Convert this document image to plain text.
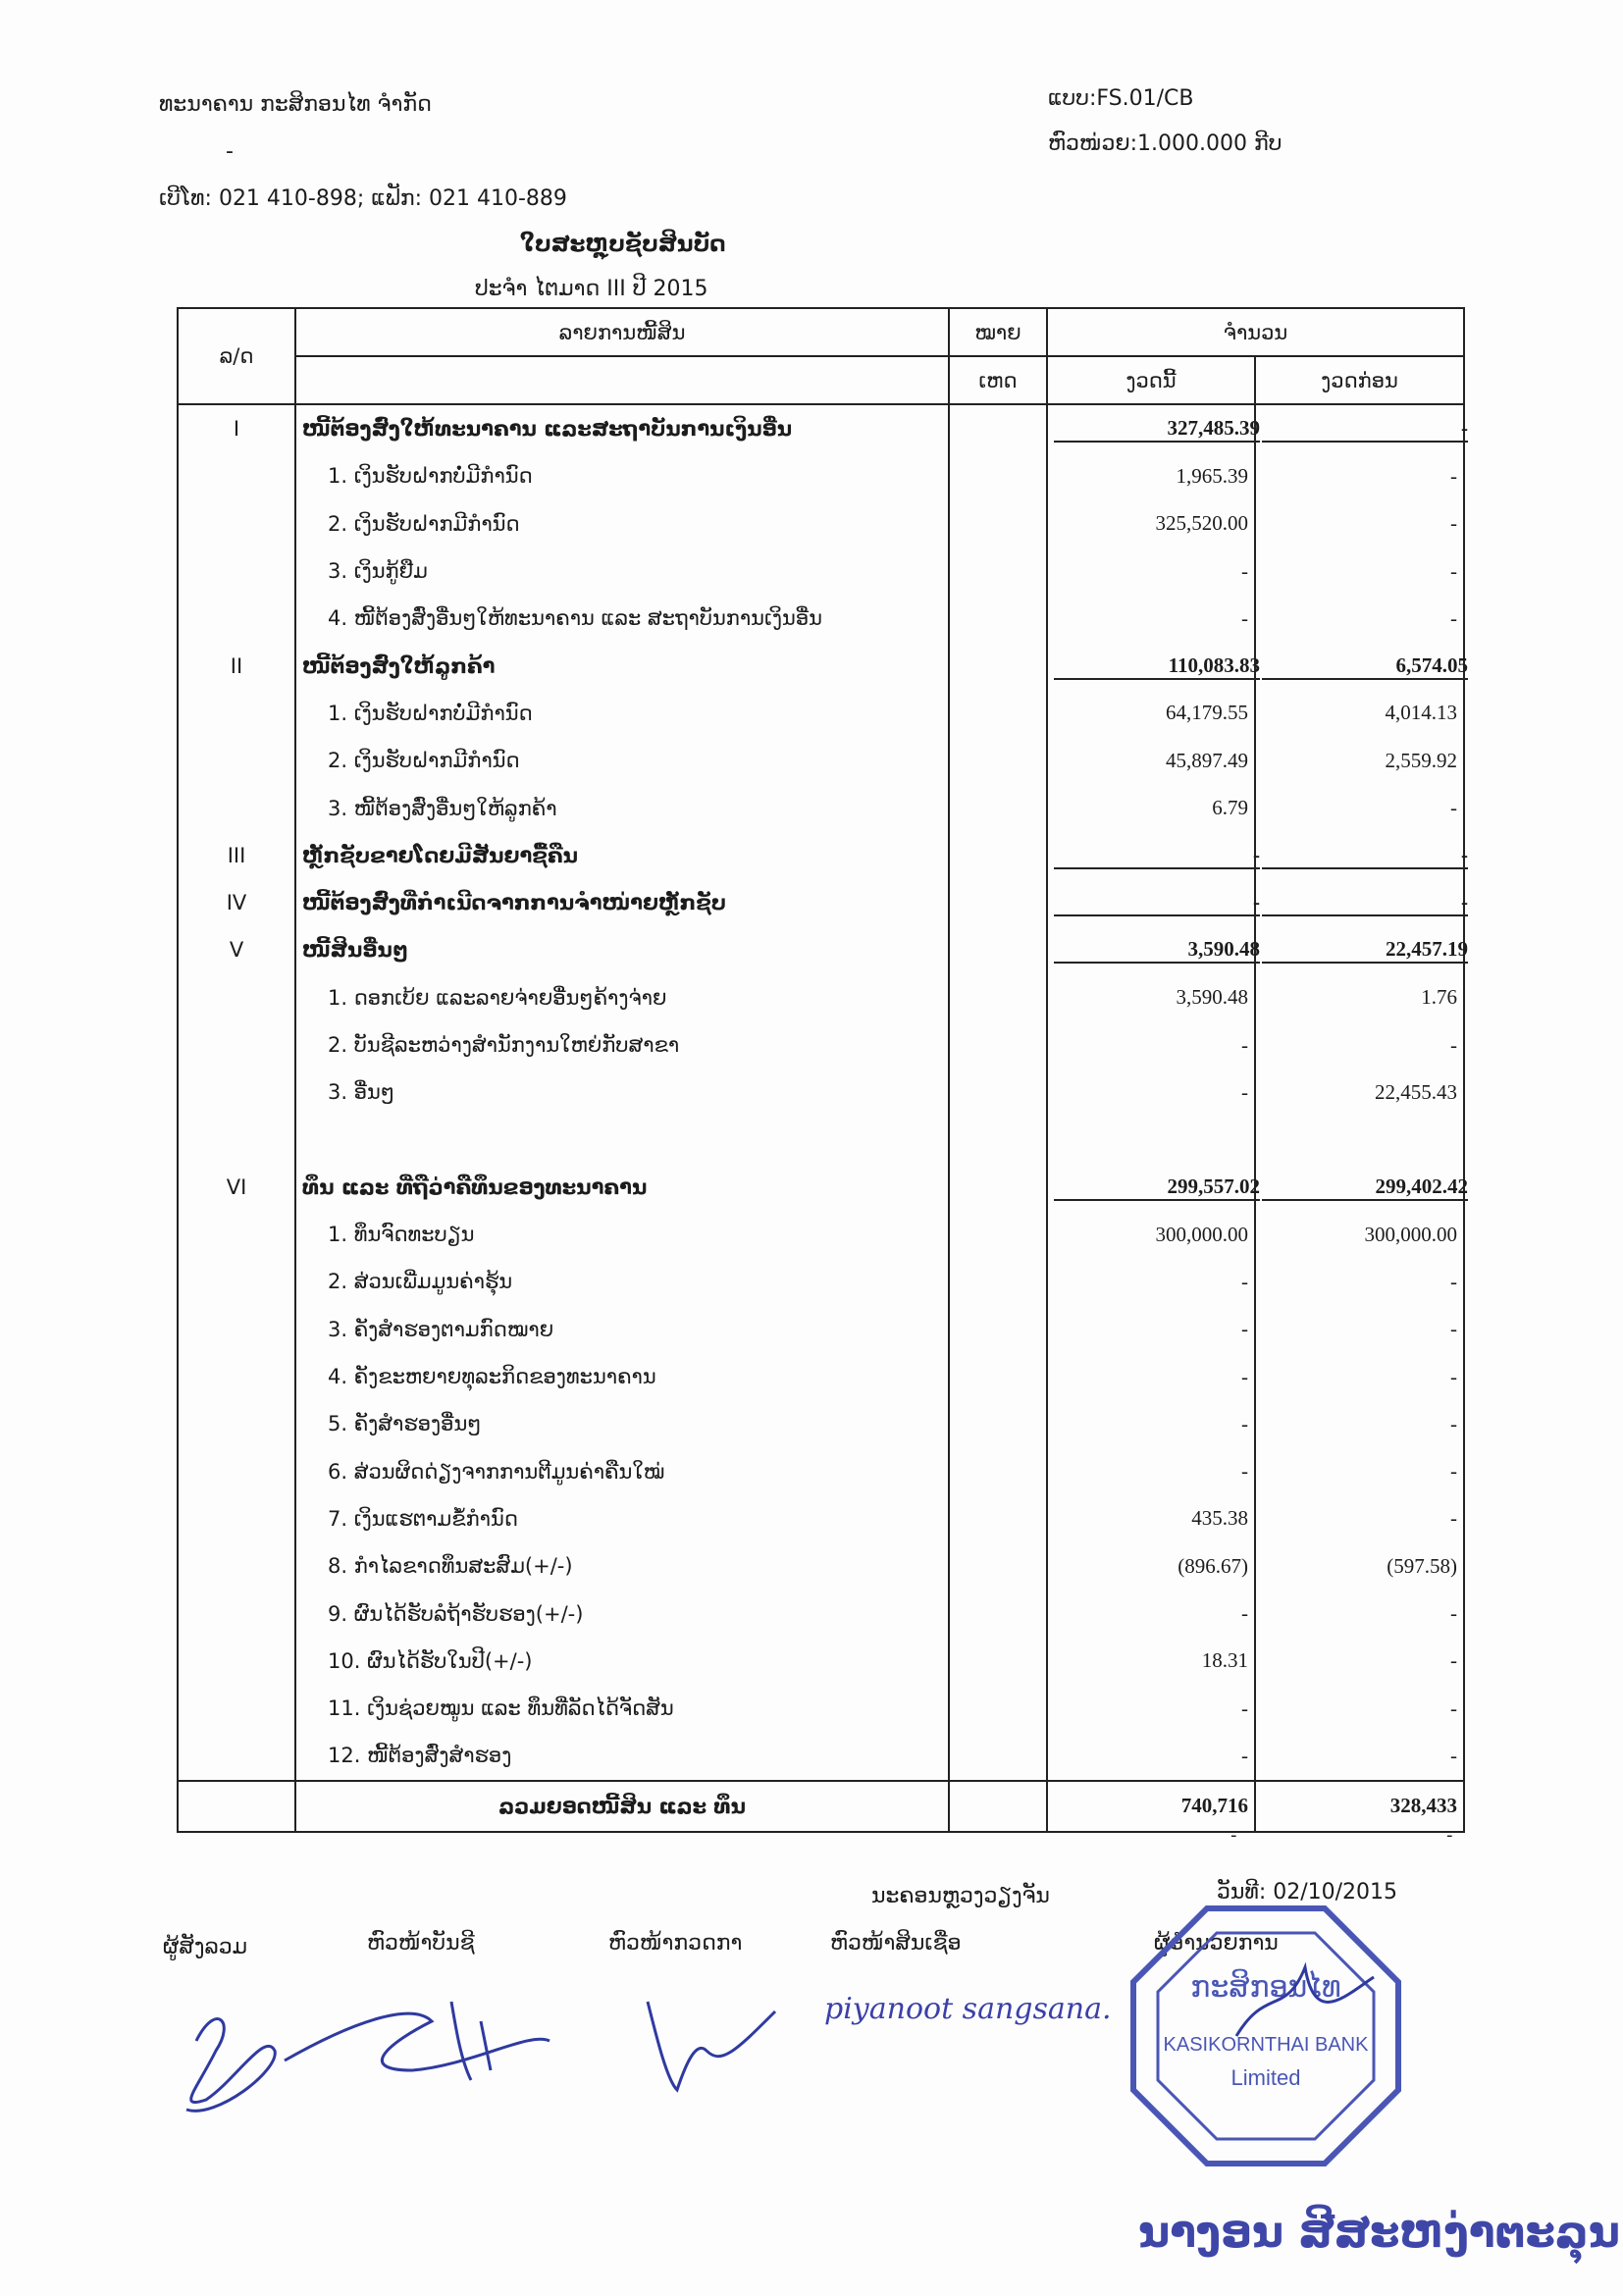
ທະນາຄານ ກະສິກອນໄທ ຈຳກັດ
-
ເບີໂທ: 021 410-898; ແຟັກ: 021 410-889
ແບບ:FS.01/CB
ຫົວໜ່ວຍ:1.000.000 ກີບ
ໃບສະຫຼຸບຊັບສິນບັດ
ປະຈຳ ໄຕມາດ III ປີ 2015
ລ/ດ	ລາຍການໜີ້ສິນ	ໝາຍ	ຈຳນວນ	
		ເຫດ	ງວດນີ້	ງວດກ່ອນ
I	ໜີ້ຕ້ອງສົ່ງໃຫ້ທະນາຄານ ແລະສະຖາບັນການເງິນອື່ນ		327,485.39	-
	1. ເງິນຮັບຝາກບໍ່ມີກຳນົດ		1,965.39	-
	2. ເງິນຮັບຝາກມີກຳນົດ		325,520.00	-
	3. ເງິນກູ້ຢືມ		-	-
	4. ໜີ້ຕ້ອງສົ່ງອື່ນໆໃຫ້ທະນາຄານ ແລະ ສະຖາບັນການເງິນອື່ນ		-	-
II	ໜີ້ຕ້ອງສົ່ງໃຫ້ລູກຄ້າ		110,083.83	6,574.05
	1. ເງິນຮັບຝາກບໍ່ມີກຳນົດ		64,179.55	4,014.13
	2. ເງິນຮັບຝາກມີກຳນົດ		45,897.49	2,559.92
	3. ໜີ້ຕ້ອງສົ່ງອື່ນໆໃຫ້ລູກຄ້າ		6.79	-
III	ຫຼັກຊັບຂາຍໂດຍມີສັນຍາຊື້ຄືນ		-	-
IV	ໜີ້ຕ້ອງສົ່ງທີ່ກຳເນີດຈາກການຈຳໜ່າຍຫຼັກຊັບ		-	-
V	ໜີ້ສິນອື່ນໆ		3,590.48	22,457.19
	1. ດອກເບ້ຍ ແລະລາຍຈ່າຍອື່ນໆຄ້າງຈ່າຍ		3,590.48	1.76
	2. ບັນຊີລະຫວ່າງສຳນັກງານໃຫຍ່ກັບສາຂາ		-	-
	3. ອື່ນໆ		-	22,455.43

VI	ທຶນ ແລະ ທີ່ຖືວ່າຄືທຶນຂອງທະນາຄານ		299,557.02	299,402.42
	1. ທຶນຈົດທະບຽນ		300,000.00	300,000.00
	2. ສ່ວນເພີ່ມມູນຄ່າຮຸ້ນ		-	-
	3. ຄັງສຳຮອງຕາມກົດໝາຍ		-	-
	4. ຄັງຂະຫຍາຍທຸລະກິດຂອງທະນາຄານ		-	-
	5. ຄັງສຳຮອງອື່ນໆ		-	-
	6. ສ່ວນຜິດດ່ຽງຈາກການຕີມູນຄ່າຄືນໃໝ່		-	-
	7. ເງິນແຮຕາມຂໍ້ກຳນົດ		435.38	-
	8. ກຳໄລຂາດທຶນສະສົມ(+/-)		(896.67)	(597.58)
	9. ຜົນໄດ້ຮັບລໍຖ້າຮັບຮອງ(+/-)		-	-
	10. ຜົນໄດ້ຮັບໃນປີ(+/-)		18.31	-
	11. ເງິນຊ່ວຍໝູນ ແລະ ທຶນທີ່ລັດໄດ້ຈັດສັນ		-	-
	12. ໜີ້ຕ້ອງສົ່ງສຳຮອງ		-	-
	ລວມຍອດໜີ້ສິນ ແລະ ທຶນ		740,716	328,433
-	-
ນະຄອນຫຼວງວຽງຈັນ	ວັນທີ: 02/10/2015
ຜູ້ສັງລວມ	ຫົວໜ້າບັນຊີ	ຫົວໜ້າກວດກາ	ຫົວໜ້າສິນເຊື່ອ	ຜູ້ອຳນວຍການ
piyanoot sangsana.
ກະສິກອນໄທ
KASIKORNTHAI BANK
Limited
ນາງອນ ສີສະຫງ່າຕະລຸນ
